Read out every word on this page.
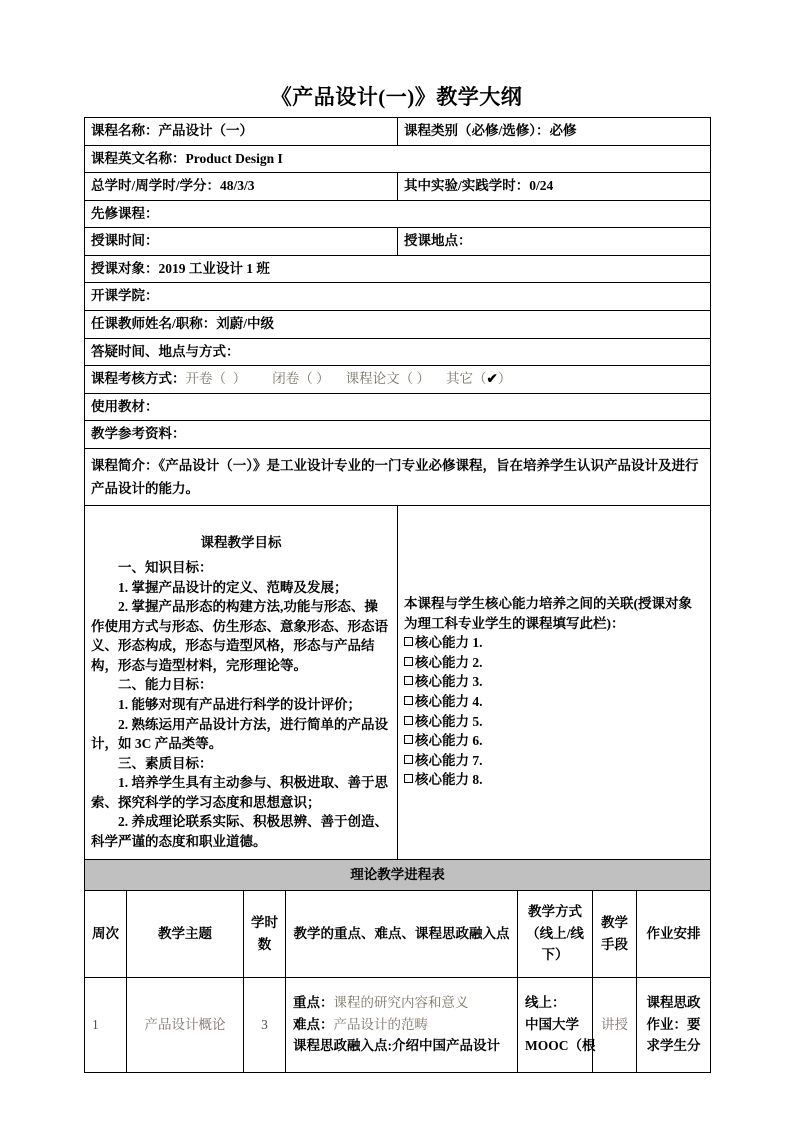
《产品设计(一)》教学大纲
课程名称：产品设计（一）	课程类别（必修/选修）：必修
课程英文名称：Product Design I	
总学时/周学时/学分：48/3/3	其中实验/实践学时：0/24
先修课程：	
授课时间：	授课地点：
授课对象：2019 工业设计 1 班	
开课学院：	
任课教师姓名/职称：刘蔚/中级	
答疑时间、地点与方式：	
课程考核方式：开卷（  ） 闭卷（ ） 课程论文（ ） 其它（✔）	
使用教材：	
教学参考资料：	
课程简介：《产品设计（一）》是工业设计专业的一门专业必修课程，旨在培养学生认识产品设计及进行产品设计的能力。	

课程教学目标

一、知识目标：

1. 掌握产品设计的定义、范畴及发展；

2. 掌握产品形态的构建方法,功能与形态、操作使用方式与形态、仿生形态、意象形态、形态语义、形态构成，形态与造型风格，形态与产品结构，形态与造型材料，完形理论等。

二、能力目标：

1. 能够对现有产品进行科学的设计评价；

2. 熟练运用产品设计方法，进行简单的产品设计，如 3C 产品类等。

三、素质目标：

1. 培养学生具有主动参与、积极进取、善于思索、探究科学的学习态度和思想意识；

2. 养成理论联系实际、积极思辨、善于创造、科学严谨的态度和职业道德。

本课程与学生核心能力培养之间的关联(授课对象为理工科专业学生的课程填写此栏)：
核心能力 1.
核心能力 2.
核心能力 3.
核心能力 4.
核心能力 5.
核心能力 6.
核心能力 7.
核心能力 8.
理论教学进程表						
周次	教学主题	学时数	教学的重点、难点、课程思政融入点	教学方式（线上/线下）	教学手段	作业安排
1	产品设计概论	3	重点：课程的研究内容和意义
难点：产品设计的范畴
课程思政融入点:介绍中国产品设计	线上：
中国大学
MOOC（根	讲授	课程思政
作业：要
求学生分
